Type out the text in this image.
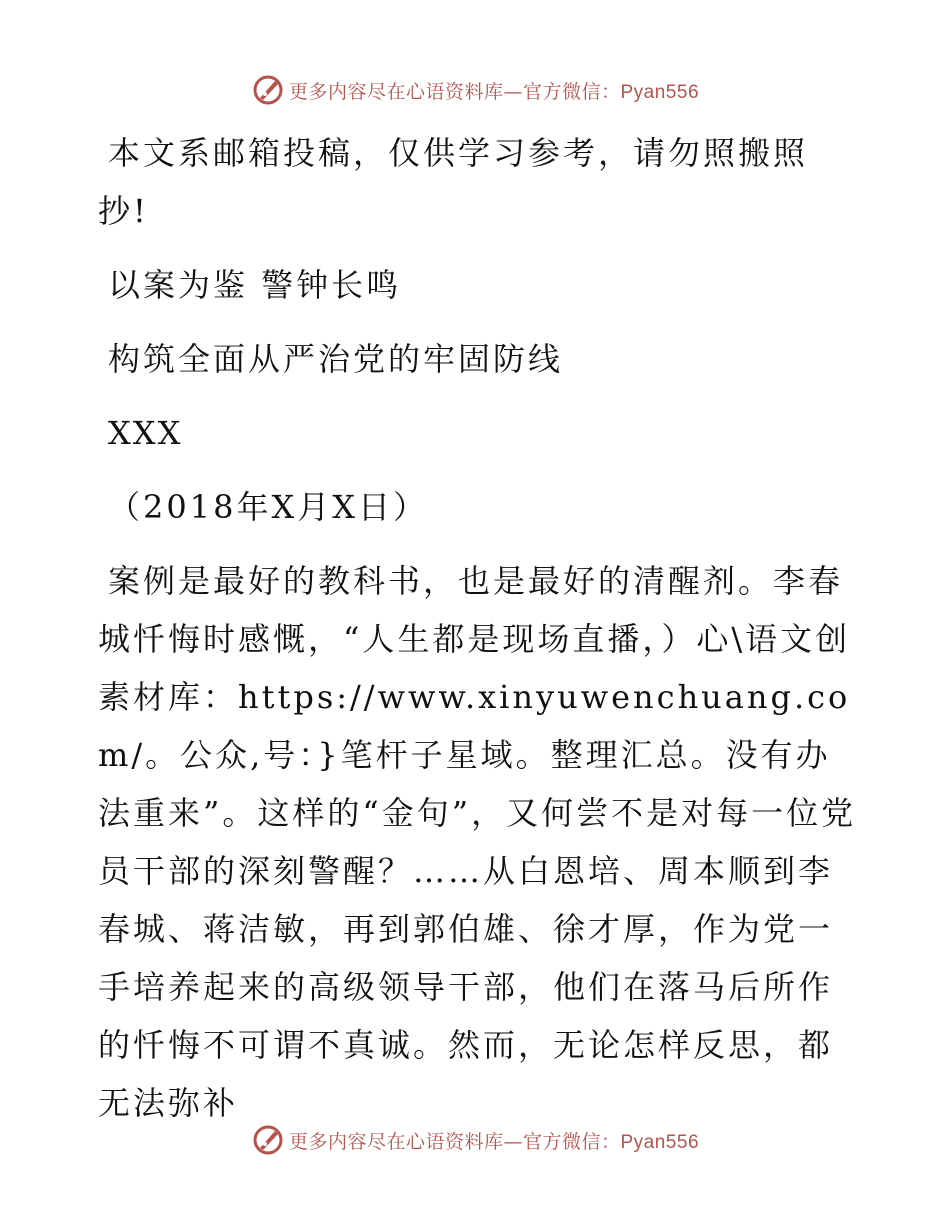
更多内容尽在心语资料库—官方微信：Pyan556

本文系邮箱投稿，仅供学习参考，请勿照搬照抄!

以案为鉴 警钟长鸣

构筑全面从严治党的牢固防线

XXX

（2018年X月X日）

案例是最好的教科书，也是最好的清醒剂。李春城忏悔时感慨，“人生都是现场直播，）心\语文创素材库：https://www.xinyuwenchuang.com/。公众,号：}笔杆子星域。整理汇总。没有办法重来”。这样的“金句”，又何尝不是对每一位党员干部的深刻警醒？……从白恩培、周本顺到李春城、蒋洁敏，再到郭伯雄、徐才厚，作为党一手培养起来的高级领导干部，他们在落马后所作的忏悔不可谓不真诚。然而，无论怎样反思，都无法弥补

更多内容尽在心语资料库—官方微信：Pyan556
